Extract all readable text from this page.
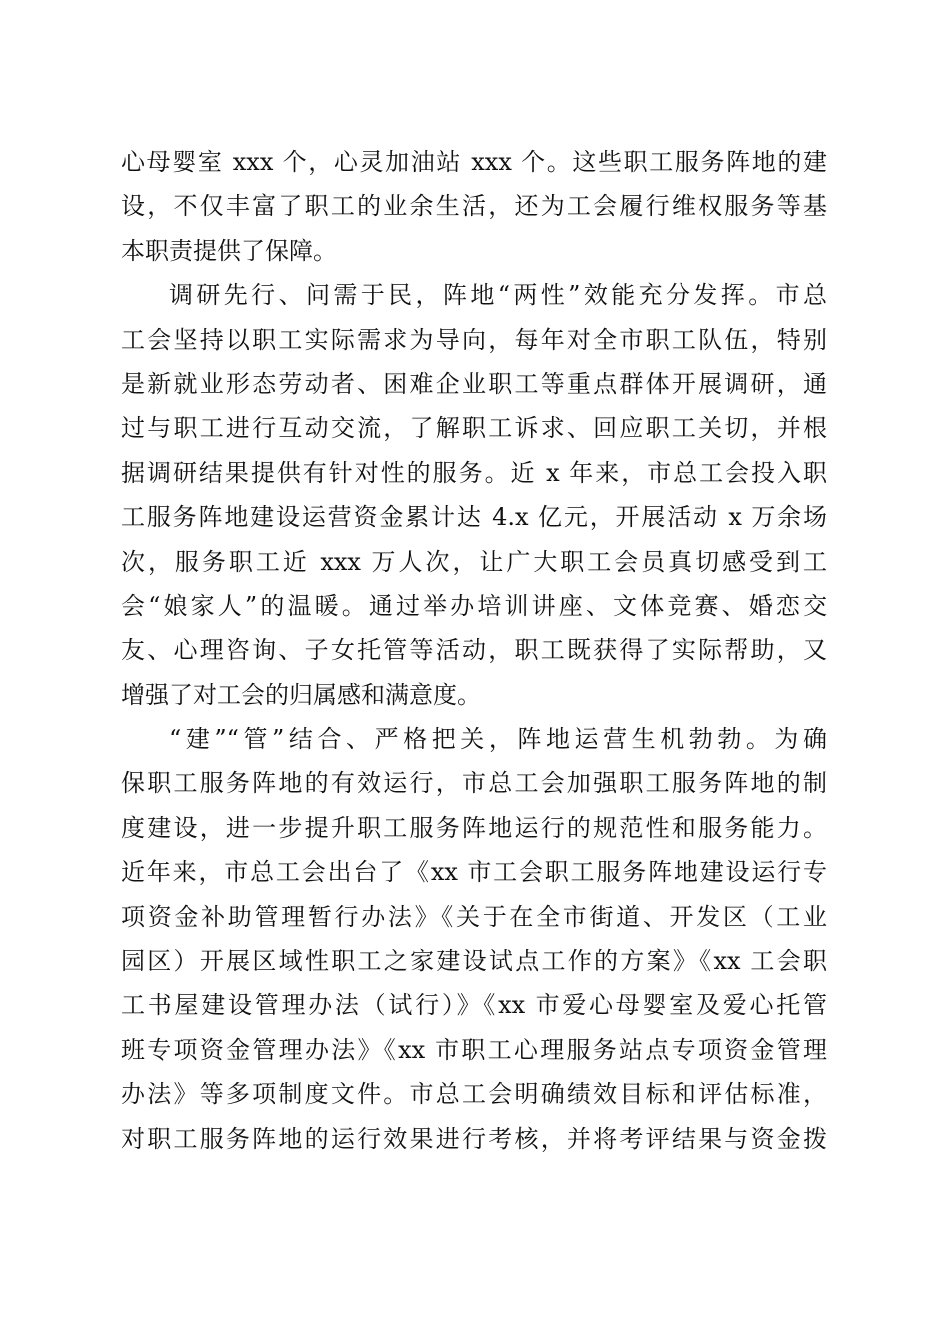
心母婴室 xxx 个，心灵加油站 xxx 个。这些职工服务阵地的建
设，不仅丰富了职工的业余生活，还为工会履行维权服务等基
本职责提供了保障。
调研先行、问需于民，阵地“两性”效能充分发挥。市总
工会坚持以职工实际需求为导向，每年对全市职工队伍，特别
是新就业形态劳动者、困难企业职工等重点群体开展调研，通
过与职工进行互动交流，了解职工诉求、回应职工关切，并根
据调研结果提供有针对性的服务。近 x 年来，市总工会投入职
工服务阵地建设运营资金累计达 4.x 亿元，开展活动 x 万余场
次，服务职工近 xxx 万人次，让广大职工会员真切感受到工
会“娘家人”的温暖。通过举办培训讲座、文体竞赛、婚恋交
友、心理咨询、子女托管等活动，职工既获得了实际帮助，又
增强了对工会的归属感和满意度。
“建”“管”结合、严格把关，阵地运营生机勃勃。为确
保职工服务阵地的有效运行，市总工会加强职工服务阵地的制
度建设，进一步提升职工服务阵地运行的规范性和服务能力。
近年来，市总工会出台了《xx 市工会职工服务阵地建设运行专
项资金补助管理暂行办法》《关于在全市街道、开发区（工业
园区）开展区域性职工之家建设试点工作的方案》《xx 工会职
工书屋建设管理办法（试行）》《xx 市爱心母婴室及爱心托管
班专项资金管理办法》《xx 市职工心理服务站点专项资金管理
办法》等多项制度文件。市总工会明确绩效目标和评估标准，
对职工服务阵地的运行效果进行考核，并将考评结果与资金拨
